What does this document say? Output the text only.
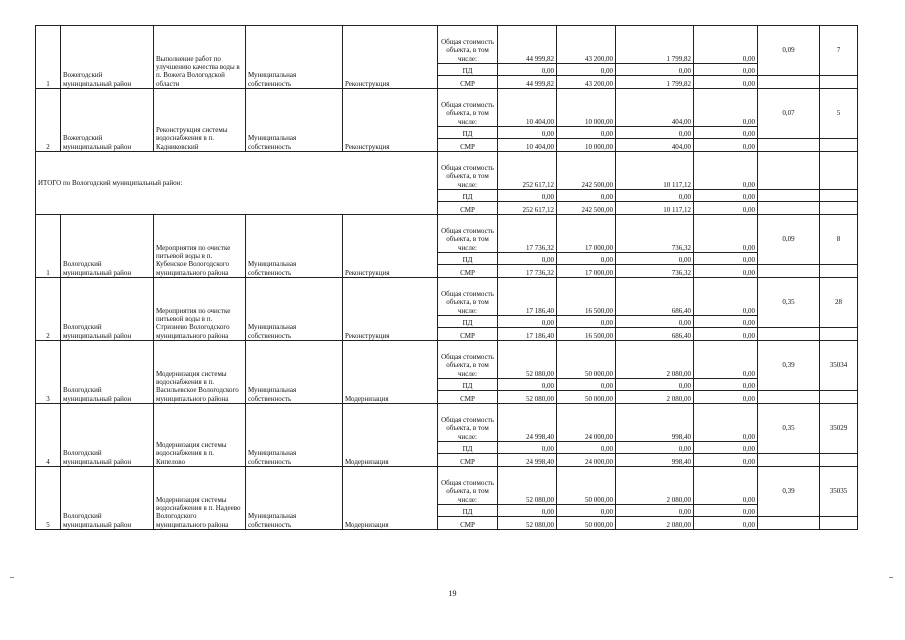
1	Вожегодский муниципальный район	Выполнение работ по улучшению качества воды в п. Вожега Вологодской области	Муниципальная собственность	Реконструкция	Общая стоимость объекта, в том числе:	44 999,82	43 200,00	1 799,82	0,00	0,09	7
					ПД	0,00	0,00	0,00	0,00		
					СМР	44 999,82	43 200,00	1 799,82	0,00		
2	Вожегодский муниципальный район	Реконструкция системы водоснабжения в п. Кадниковский	Муниципальная собственность	Реконструкция	Общая стоимость объекта, в том числе:	10 404,00	10 000,00	404,00	0,00	0,07	5
					ПД	0,00	0,00	0,00	0,00		
					СМР	10 404,00	10 000,00	404,00	0,00		
ИТОГО по Вологодский муниципальный район:					Общая стоимость объекта, в том числе:	252 617,12	242 500,00	10 117,12	0,00		
					ПД	0,00	0,00	0,00	0,00		
					СМР	252 617,12	242 500,00	10 117,12	0,00		
1	Вологодский муниципальный район	Мероприятия по очистке питьевой воды в п. Кубенское Вологодского муниципального района	Муниципальная собственность	Реконструкция	Общая стоимость объекта, в том числе:	17 736,32	17 000,00	736,32	0,00	0,09	8
					ПД	0,00	0,00	0,00	0,00		
					СМР	17 736,32	17 000,00	736,32	0,00		
2	Вологодский муниципальный район	Мероприятия по очистке питьевой воды в п. Стризнево Вологодского муниципального района	Муниципальная собственность	Реконструкция	Общая стоимость объекта, в том числе:	17 186,40	16 500,00	686,40	0,00	0,35	28
					ПД	0,00	0,00	0,00	0,00		
					СМР	17 186,40	16 500,00	686,40	0,00		
3	Вологодский муниципальный район	Модернизация системы водоснабжения в п. Васильевское Вологодского муниципального района	Муниципальная собственность	Модернизация	Общая стоимость объекта, в том числе:	52 080,00	50 000,00	2 080,00	0,00	0,39	35034
					ПД	0,00	0,00	0,00	0,00		
					СМР	52 080,00	50 000,00	2 080,00	0,00		
4	Вологодский муниципальный район	Модернизация системы водоснабжения в п. Кипелово	Муниципальная собственность	Модернизация	Общая стоимость объекта, в том числе:	24 998,40	24 000,00	998,40	0,00	0,35	35029
					ПД	0,00	0,00	0,00	0,00		
					СМР	24 998,40	24 000,00	998,40	0,00		
5	Вологодский муниципальный район	Модернизация системы водоснабжения в п. Надеево Вологодского муниципального района	Муниципальная собственность	Модернизация	Общая стоимость объекта, в том числе:	52 080,00	50 000,00	2 080,00	0,00	0,39	35035
					ПД	0,00	0,00	0,00	0,00		
					СМР	52 080,00	50 000,00	2 080,00	0,00		
19
